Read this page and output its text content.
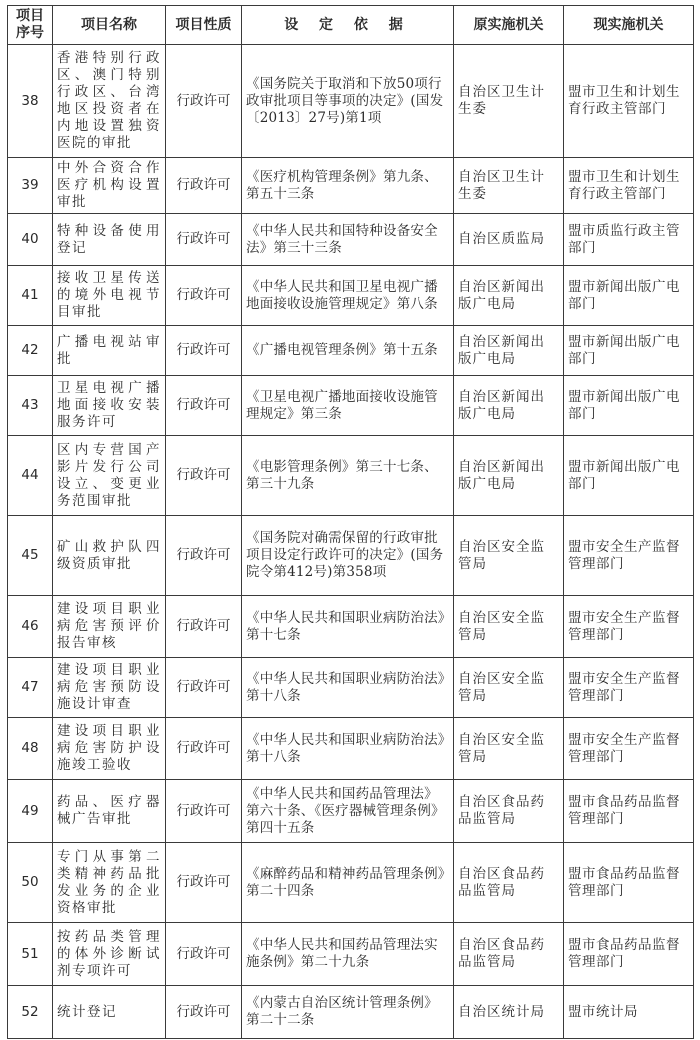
项目
序号	项目名称	项目性质	设 定 依 据	原实施机关	现实施机关
38	香港特别行政区、澳门特别行政区、台湾地区投资者在内地设置独资医院的审批	行政许可	《国务院关于取消和下放50项行政审批项目等事项的决定》(国发〔2013〕27号)第1项	自治区卫生计生委	盟市卫生和计划生育行政主管部门
39	中外合资合作医疗机构设置审批	行政许可	《医疗机构管理条例》第九条、第五十三条	自治区卫生计生委	盟市卫生和计划生育行政主管部门
40	特种设备使用登记	行政许可	《中华人民共和国特种设备安全法》第三十三条	自治区质监局	盟市质监行政主管部门
41	接收卫星传送的境外电视节目审批	行政许可	《中华人民共和国卫星电视广播地面接收设施管理规定》第八条	自治区新闻出版广电局	盟市新闻出版广电部门
42	广播电视站审批	行政许可	《广播电视管理条例》第十五条	自治区新闻出版广电局	盟市新闻出版广电部门
43	卫星电视广播地面接收安装服务许可	行政许可	《卫星电视广播地面接收设施管理规定》第三条	自治区新闻出版广电局	盟市新闻出版广电部门
44	区内专营国产影片发行公司设立、变更业务范围审批	行政许可	《电影管理条例》第三十七条、第三十九条	自治区新闻出版广电局	盟市新闻出版广电部门
45	矿山救护队四级资质审批	行政许可	《国务院对确需保留的行政审批项目设定行政许可的决定》(国务院令第412号)第358项	自治区安全监管局	盟市安全生产监督管理部门
46	建设项目职业病危害预评价报告审核	行政许可	《中华人民共和国职业病防治法》第十七条	自治区安全监管局	盟市安全生产监督管理部门
47	建设项目职业病危害预防设施设计审查	行政许可	《中华人民共和国职业病防治法》第十八条	自治区安全监管局	盟市安全生产监督管理部门
48	建设项目职业病危害防护设施竣工验收	行政许可	《中华人民共和国职业病防治法》第十八条	自治区安全监管局	盟市安全生产监督管理部门
49	药品、医疗器械广告审批	行政许可	《中华人民共和国药品管理法》第六十条、《医疗器械管理条例》第四十五条	自治区食品药品监管局	盟市食品药品监督管理部门
50	专门从事第二类精神药品批发业务的企业资格审批	行政许可	《麻醉药品和精神药品管理条例》第二十四条	自治区食品药品监管局	盟市食品药品监督管理部门
51	按药品类管理的体外诊断试剂专项许可	行政许可	《中华人民共和国药品管理法实施条例》第二十九条	自治区食品药品监管局	盟市食品药品监督管理部门
52	统计登记	行政许可	《内蒙古自治区统计管理条例》第二十二条	自治区统计局	盟市统计局
